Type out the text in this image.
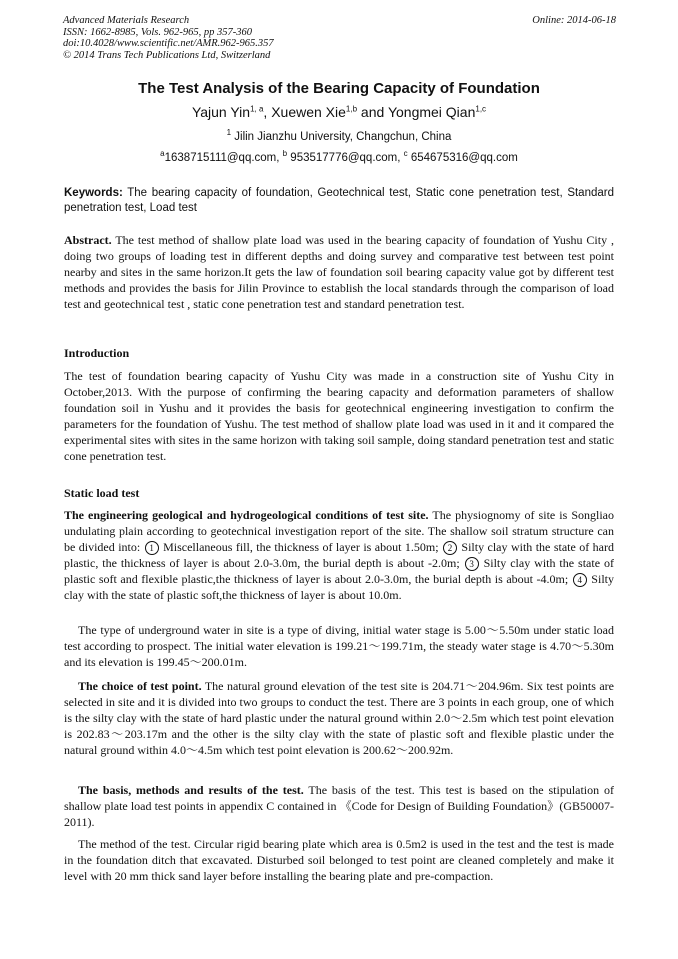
Advanced Materials Research
ISSN: 1662-8985, Vols. 962-965, pp 357-360
doi:10.4028/www.scientific.net/AMR.962-965.357
© 2014 Trans Tech Publications Ltd, Switzerland
Online: 2014-06-18
The Test Analysis of the Bearing Capacity of Foundation
Yajun Yin$^{1, a}$, Xuewen Xie$^{1,b}$ and Yongmei Qian$^{1,c}$
$^1$ Jilin Jianzhu University, Changchun, China
$^a$1638715111@qq.com, $^b$ 953517776@qq.com, $^c$ 654675316@qq.com
Keywords: The bearing capacity of foundation, Geotechnical test, Static cone penetration test, Standard penetration test, Load test
Abstract. The test method of shallow plate load was used in the bearing capacity of foundation of Yushu City , doing two groups of loading test in different depths and doing survey and comparative test between test point nearby and sites in the same horizon.It gets the law of foundation soil bearing capacity value got by different test methods and provides the basis for Jilin Province to establish the local standards through the comparison of load test and geotechnical test , static cone penetration test and standard penetration test.
Introduction
The test of foundation bearing capacity of Yushu City was made in a construction site of Yushu City in October,2013. With the purpose of confirming the bearing capacity and deformation parameters of shallow foundation soil in Yushu and it provides the basis for geotechnical engineering investigation to confirm the parameters for the foundation of Yushu. The test method of shallow plate load was used in it and it compared the experimental sites with sites in the same horizon with taking soil sample, doing standard penetration test and static cone penetration test.
Static load test
The engineering geological and hydrogeological conditions of test site. The physiognomy of site is Songliao undulating plain according to geotechnical investigation report of the site. The shallow soil stratum structure can be divided into: 1 Miscellaneous fill, the thickness of layer is about 1.50m; 2 Silty clay with the state of hard plastic, the thickness of layer is about 2.0-3.0m, the burial depth is about -2.0m; 3 Silty clay with the state of plastic soft and flexible plastic,the thickness of layer is about 2.0-3.0m, the burial depth is about -4.0m; 4 Silty clay with the state of plastic soft,the thickness of layer is about 10.0m.
The type of underground water in site is a type of diving, initial water stage is 5.00～5.50m under static load test according to prospect. The initial water elevation is 199.21～199.71m, the steady water stage is 4.70～5.30m and its elevation is 199.45～200.01m.
The choice of test point. The natural ground elevation of the test site is 204.71～204.96m. Six test points are selected in site and it is divided into two groups to conduct the test. There are 3 points in each group, one of which is the silty clay with the state of hard plastic under the natural ground within 2.0～2.5m which test point elevation is 202.83～203.17m and the other is the silty clay with the state of plastic soft and flexible plastic under the natural ground within 4.0～4.5m which test point elevation is 200.62～200.92m.
The basis, methods and results of the test. The basis of the test. This test is based on the stipulation of shallow plate load test points in appendix C contained in 《Code for Design of Building Foundation》(GB50007-2011).
The method of the test. Circular rigid bearing plate which area is 0.5m2 is used in the test and the test is made in the foundation ditch that excavated. Disturbed soil belonged to test point are cleaned completely and make it level with 20 mm thick sand layer before installing the bearing plate and pre-compaction.
